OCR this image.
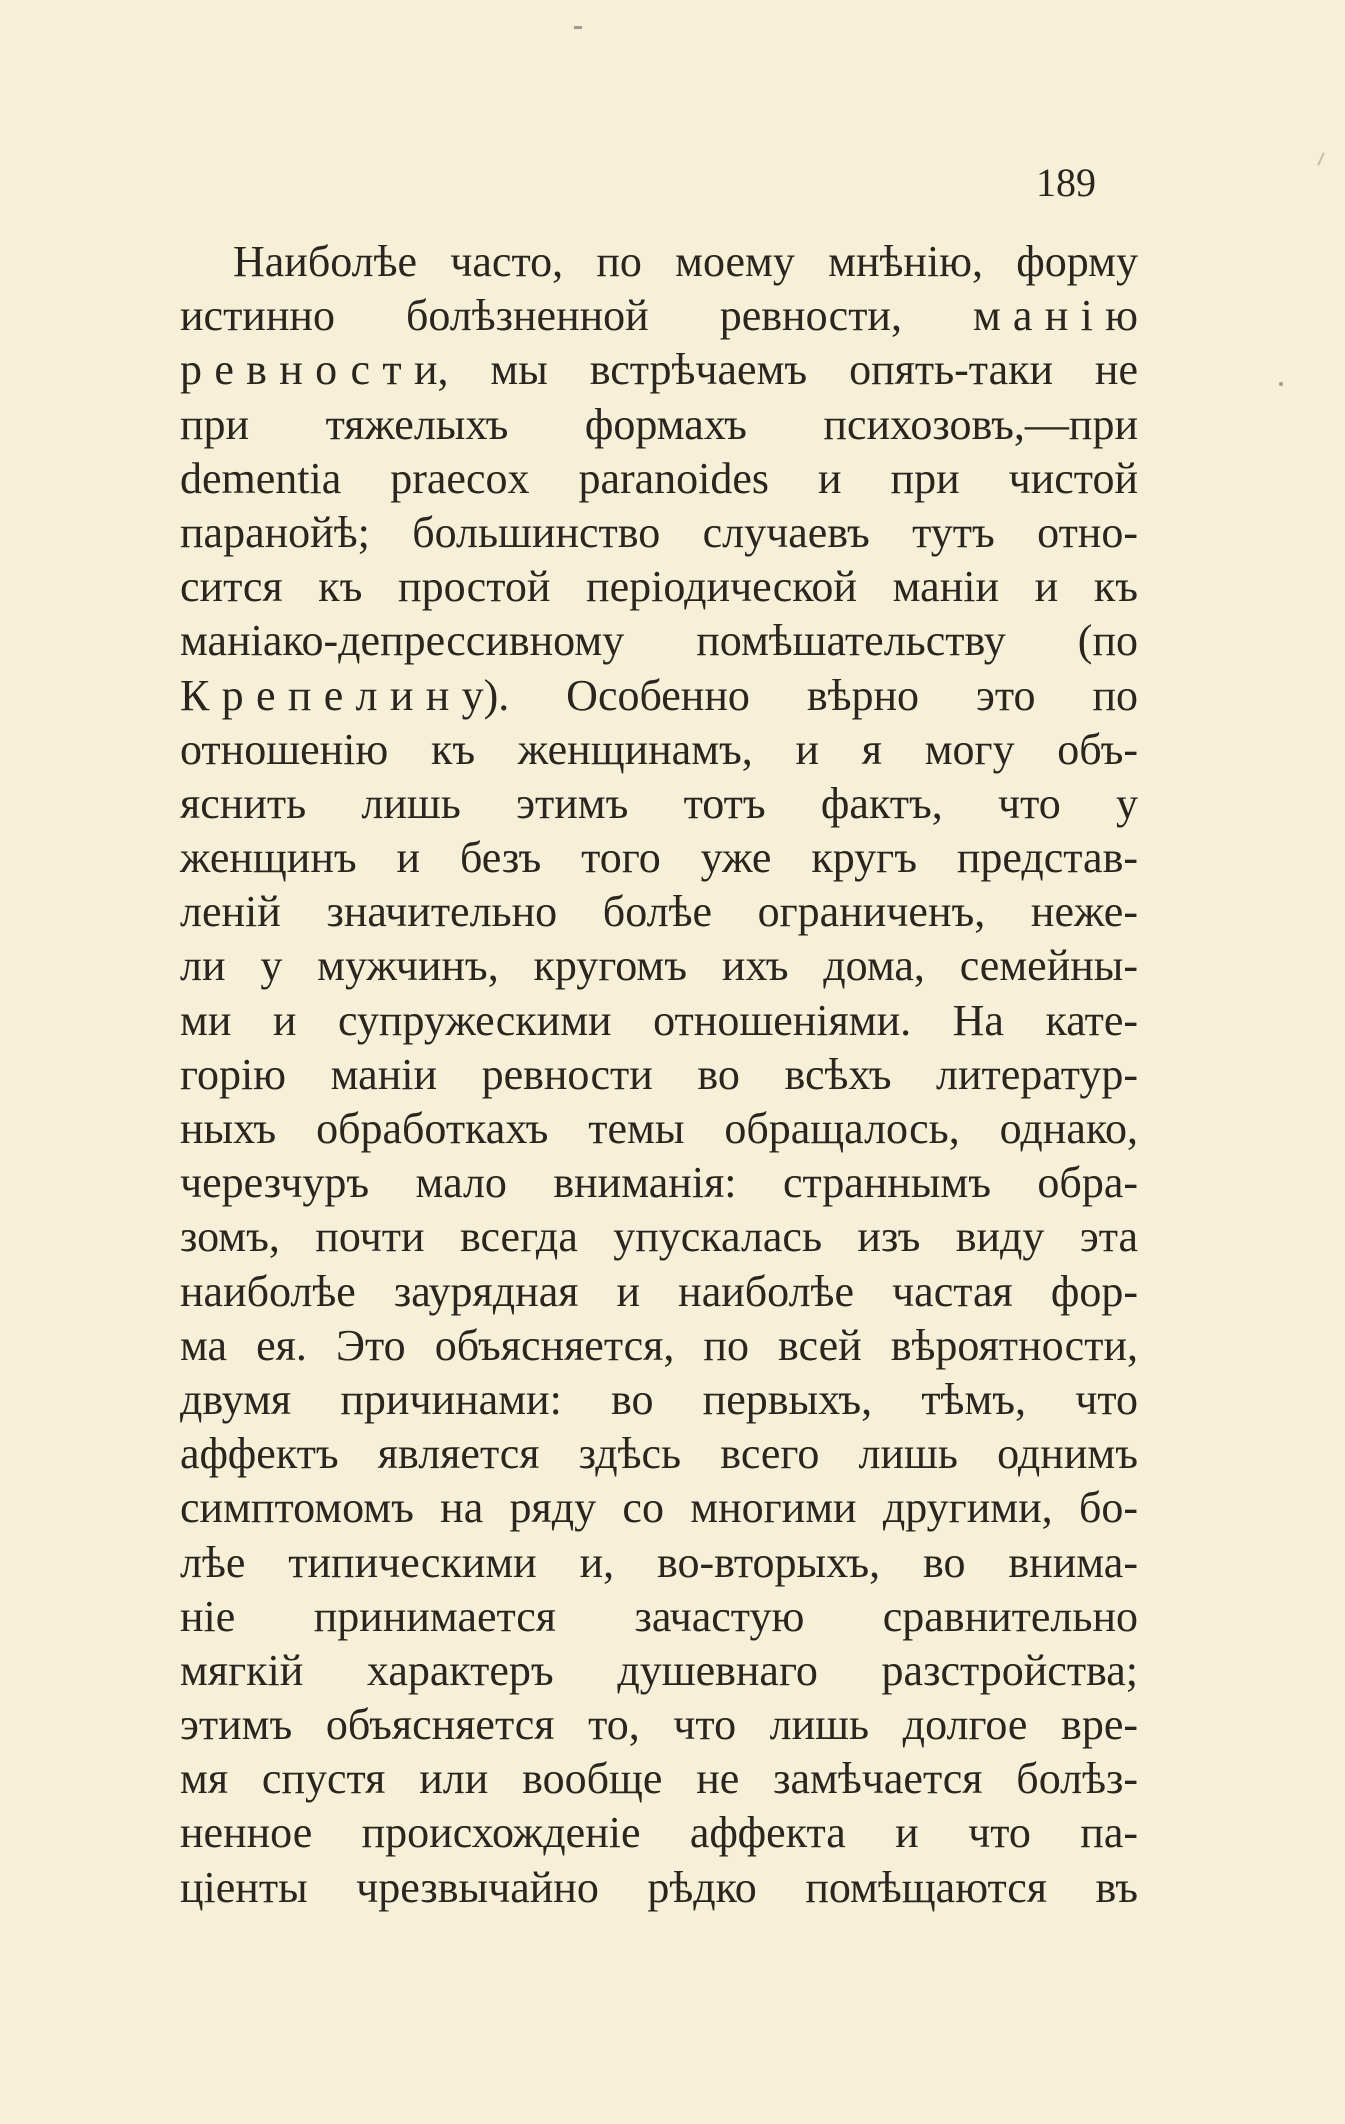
189
Наиболѣе часто, по моему мнѣнію, форму
истинно болѣзненной ревности, манію
ревности, мы встрѣчаемъ опять-таки не
при тяжелыхъ формахъ психозовъ,—при
dementia praecox paranoides и при чистой
паранойѣ; большинство случаевъ тутъ отно-
сится къ простой періодической маніи и къ
маніако-депрессивному помѣшательству (по
Крепелину). Особенно вѣрно это по
отношенію къ женщинамъ, и я могу объ-
яснить лишь этимъ тотъ фактъ, что у
женщинъ и безъ того уже кругъ представ-
леній значительно болѣе ограниченъ, неже-
ли у мужчинъ, кругомъ ихъ дома, семейны-
ми и супружескими отношеніями. На кате-
горію маніи ревности во всѣхъ литератур-
ныхъ обработкахъ темы обращалось, однако,
черезчуръ мало вниманія: страннымъ обра-
зомъ, почти всегда упускалась изъ виду эта
наиболѣе заурядная и наиболѣе частая фор-
ма ея. Это объясняется, по всей вѣроятности,
двумя причинами: во первыхъ, тѣмъ, что
аффектъ является здѣсь всего лишь однимъ
симптомомъ на ряду со многими другими, бо-
лѣе типическими и, во-вторыхъ, во внима-
ніе принимается зачастую сравнительно
мягкій характеръ душевнаго разстройства;
этимъ объясняется то, что лишь долгое вре-
мя спустя или вообще не замѣчается болѣз-
ненное происхожденіе аффекта и что па-
ціенты чрезвычайно рѣдко помѣщаются въ
